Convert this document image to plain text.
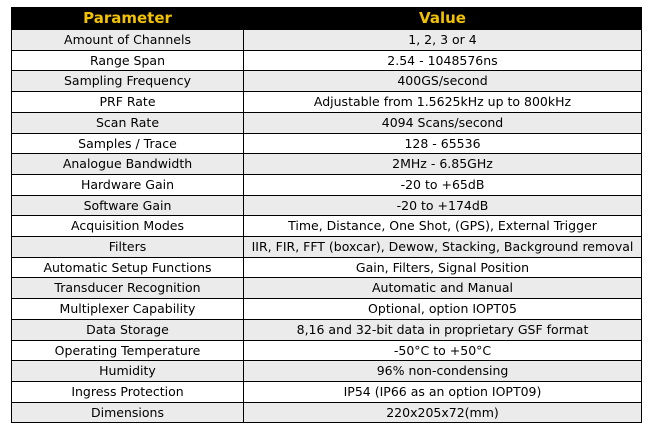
Parameter	Value
Amount of Channels	1, 2, 3 or 4
Range Span	2.54 - 1048576ns
Sampling Frequency	400GS/second
PRF Rate	Adjustable from 1.5625kHz up to 800kHz
Scan Rate	4094 Scans/second
Samples / Trace	128 - 65536
Analogue Bandwidth	2MHz - 6.85GHz
Hardware Gain	-20 to +65dB
Software Gain	-20 to +174dB
Acquisition Modes	Time, Distance, One Shot, (GPS), External Trigger
Filters	IIR, FIR, FFT (boxcar), Dewow, Stacking, Background removal
Automatic Setup Functions	Gain, Filters, Signal Position
Transducer Recognition	Automatic and Manual
Multiplexer Capability	Optional, option IOPT05
Data Storage	8,16 and 32-bit data in proprietary GSF format
Operating Temperature	-50°C to +50°C
Humidity	96% non-condensing
Ingress Protection	IP54 (IP66 as an option IOPT09)
Dimensions	220x205x72(mm)
